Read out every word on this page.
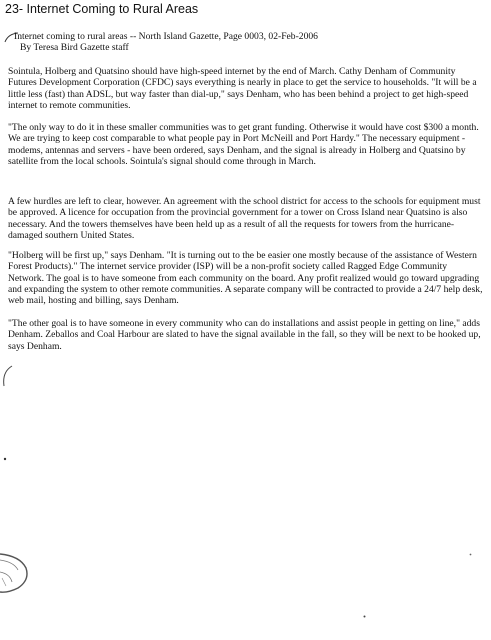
23- Internet Coming to Rural Areas
Internet coming to rural areas -- North Island Gazette, Page 0003, 02-Feb-2006
By Teresa Bird Gazette staff

Sointula, Holberg and Quatsino should have high-speed internet by the end of March. Cathy Denham of Community Futures Development Corporation (CFDC) says everything is nearly in place to get the service to households. "It will be a little less (fast) than ADSL, but way faster than dial-up," says Denham, who has been behind a project to get high-speed internet to remote communities.

"The only way to do it in these smaller communities was to get grant funding. Otherwise it would have cost $300 a month. We are trying to keep cost comparable to what people pay in Port McNeill and Port Hardy." The necessary equipment - modems, antennas and servers - have been ordered, says Denham, and the signal is already in Holberg and Quatsino by satellite from the local schools. Sointula's signal should come through in March.

A few hurdles are left to clear, however. An agreement with the school district for access to the schools for equipment must be approved. A licence for occupation from the provincial government for a tower on Cross Island near Quatsino is also necessary. And the towers themselves have been held up as a result of all the requests for towers from the hurricane-damaged southern United States.

"Holberg will be first up," says Denham. "It is turning out to the be easier one mostly because of the assistance of Western Forest Products)." The internet service provider (ISP) will be a non-profit society called Ragged Edge Community Network. The goal is to have someone from each community on the board. Any profit realized would go toward upgrading and expanding the system to other remote communities. A separate company will be contracted to provide a 24/7 help desk, web mail, hosting and billing, says Denham.

"The other goal is to have someone in every community who can do installations and assist people in getting on line," adds Denham. Zeballos and Coal Harbour are slated to have the signal available in the fall, so they will be next to be hooked up, says Denham.
